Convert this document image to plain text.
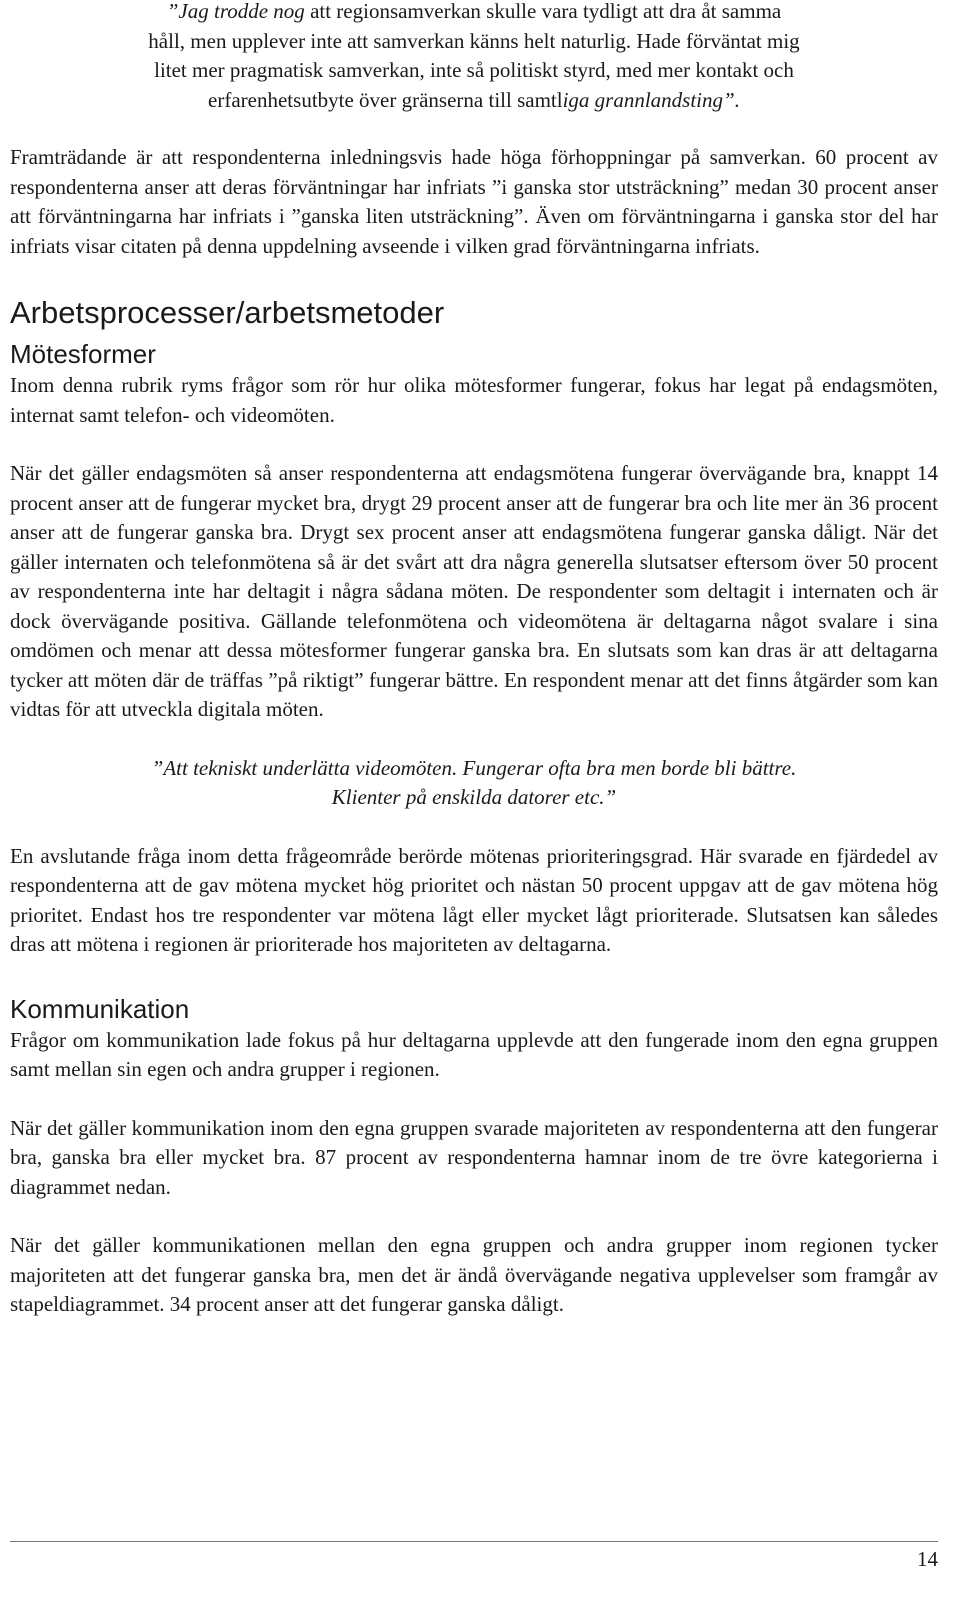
”Jag trodde nog att regionsamverkan skulle vara tydligt att dra åt samma
håll, men upplever inte att samverkan känns helt naturlig. Hade förväntat mig
litet mer pragmatisk samverkan, inte så politiskt styrd, med mer kontakt och
erfarenhetsutbyte över gränserna till samtliga grannlandsting”.

Framträdande är att respondenterna inledningsvis hade höga förhoppningar på samverkan. 60 procent av respondenterna anser att deras förväntningar har infriats ”i ganska stor utsträckning” medan 30 procent anser att förväntningarna har infriats i ”ganska liten utsträckning”. Även om förväntningarna i ganska stor del har infriats visar citaten på denna uppdelning avseende i vilken grad förväntningarna infriats.

Arbetsprocesser/arbetsmetoder
Mötesformer

Inom denna rubrik ryms frågor som rör hur olika mötesformer fungerar, fokus har legat på endagsmöten, internat samt telefon- och videomöten.

När det gäller endagsmöten så anser respondenterna att endagsmötena fungerar övervägande bra, knappt 14 procent anser att de fungerar mycket bra, drygt 29 procent anser att de fungerar bra och lite mer än 36 procent anser att de fungerar ganska bra. Drygt sex procent anser att endagsmötena fungerar ganska dåligt. När det gäller internaten och telefonmötena så är det svårt att dra några generella slutsatser eftersom över 50 procent av respondenterna inte har deltagit i några sådana möten. De respondenter som deltagit i internaten och är dock övervägande positiva. Gällande telefonmötena och videomötena är deltagarna något svalare i sina omdömen och menar att dessa mötesformer fungerar ganska bra. En slutsats som kan dras är att deltagarna tycker att möten där de träffas ”på riktigt” fungerar bättre. En respondent menar att det finns åtgärder som kan vidtas för att utveckla digitala möten.

”Att tekniskt underlätta videomöten. Fungerar ofta bra men borde bli bättre.
Klienter på enskilda datorer etc.”

En avslutande fråga inom detta frågeområde berörde mötenas prioriteringsgrad. Här svarade en fjärdedel av respondenterna att de gav mötena mycket hög prioritet och nästan 50 procent uppgav att de gav mötena hög prioritet. Endast hos tre respondenter var mötena lågt eller mycket lågt prioriterade. Slutsatsen kan således dras att mötena i regionen är prioriterade hos majoriteten av deltagarna.

Kommunikation

Frågor om kommunikation lade fokus på hur deltagarna upplevde att den fungerade inom den egna gruppen samt mellan sin egen och andra grupper i regionen.

När det gäller kommunikation inom den egna gruppen svarade majoriteten av respondenterna att den fungerar bra, ganska bra eller mycket bra. 87 procent av respondenterna hamnar inom de tre övre kategorierna i diagrammet nedan.

När det gäller kommunikationen mellan den egna gruppen och andra grupper inom regionen tycker majoriteten att det fungerar ganska bra, men det är ändå övervägande negativa upplevelser som framgår av stapeldiagrammet. 34 procent anser att det fungerar ganska dåligt.

14
